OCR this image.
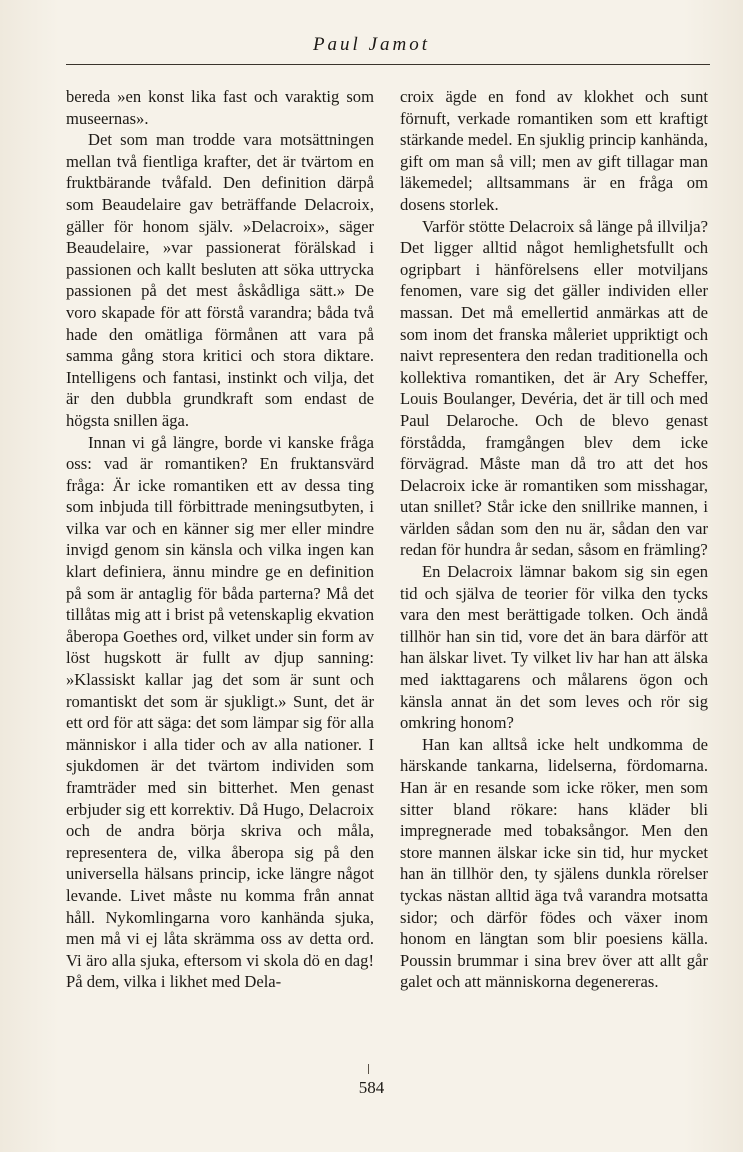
Paul Jamot

bereda »en konst lika fast och varaktig som museernas».

Det som man trodde vara motsättningen mellan två fientliga krafter, det är tvärtom en fruktbärande tvåfald. Den definition därpå som Beaudelaire gav beträffande Delacroix, gäller för honom själv. »Delacroix», säger Beaudelaire, »var passionerat förälskad i passionen och kallt besluten att söka uttrycka passionen på det mest åskådliga sätt.» De voro skapade för att förstå varandra; båda två hade den omätliga förmånen att vara på samma gång stora kritici och stora diktare. Intelligens och fantasi, instinkt och vilja, det är den dubbla grundkraft som endast de högsta snillen äga.

Innan vi gå längre, borde vi kanske fråga oss: vad är romantiken? En fruktansvärd fråga: Är icke romantiken ett av dessa ting som inbjuda till förbittrade meningsutbyten, i vilka var och en känner sig mer eller mindre invigd genom sin känsla och vilka ingen kan klart definiera, ännu mindre ge en definition på som är antaglig för båda parterna? Må det tillåtas mig att i brist på vetenskaplig ekvation åberopa Goethes ord, vilket under sin form av löst hugskott är fullt av djup sanning: »Klassiskt kallar jag det som är sunt och romantiskt det som är sjukligt.» Sunt, det är ett ord för att säga: det som lämpar sig för alla människor i alla tider och av alla nationer. I sjukdomen är det tvärtom individen som framträder med sin bitterhet. Men genast erbjuder sig ett korrektiv. Då Hugo, Delacroix och de andra börja skriva och måla, representera de, vilka åberopa sig på den universella hälsans princip, icke längre något levande. Livet måste nu komma från annat håll. Nykomlingarna voro kanhända sjuka, men må vi ej låta skrämma oss av detta ord. Vi äro alla sjuka, eftersom vi skola dö en dag! På dem, vilka i likhet med Dela-

croix ägde en fond av klokhet och sunt förnuft, verkade romantiken som ett kraftigt stärkande medel. En sjuklig princip kanhända, gift om man så vill; men av gift tillagar man läkemedel; alltsammans är en fråga om dosens storlek.

Varför stötte Delacroix så länge på illvilja? Det ligger alltid något hemlighetsfullt och ogripbart i hänförelsens eller motviljans fenomen, vare sig det gäller individen eller massan. Det må emellertid anmärkas att de som inom det franska måleriet uppriktigt och naivt representera den redan traditionella och kollektiva romantiken, det är Ary Scheffer, Louis Boulanger, Devéria, det är till och med Paul Delaroche. Och de blevo genast förstådda, framgången blev dem icke förvägrad. Måste man då tro att det hos Delacroix icke är romantiken som misshagar, utan snillet? Står icke den snillrike mannen, i världen sådan som den nu är, sådan den var redan för hundra år sedan, såsom en främling?

En Delacroix lämnar bakom sig sin egen tid och själva de teorier för vilka den tycks vara den mest berättigade tolken. Och ändå tillhör han sin tid, vore det än bara därför att han älskar livet. Ty vilket liv har han att älska med iakttagarens och målarens ögon och känsla annat än det som leves och rör sig omkring honom?

Han kan alltså icke helt undkomma de härskande tankarna, lidelserna, fördomarna. Han är en resande som icke röker, men som sitter bland rökare: hans kläder bli impregnerade med tobaksångor. Men den store mannen älskar icke sin tid, hur mycket han än tillhör den, ty själens dunkla rörelser tyckas nästan alltid äga två varandra motsatta sidor; och därför födes och växer inom honom en längtan som blir poesiens källa. Poussin brummar i sina brev över att allt går galet och att människorna degenereras.

584
